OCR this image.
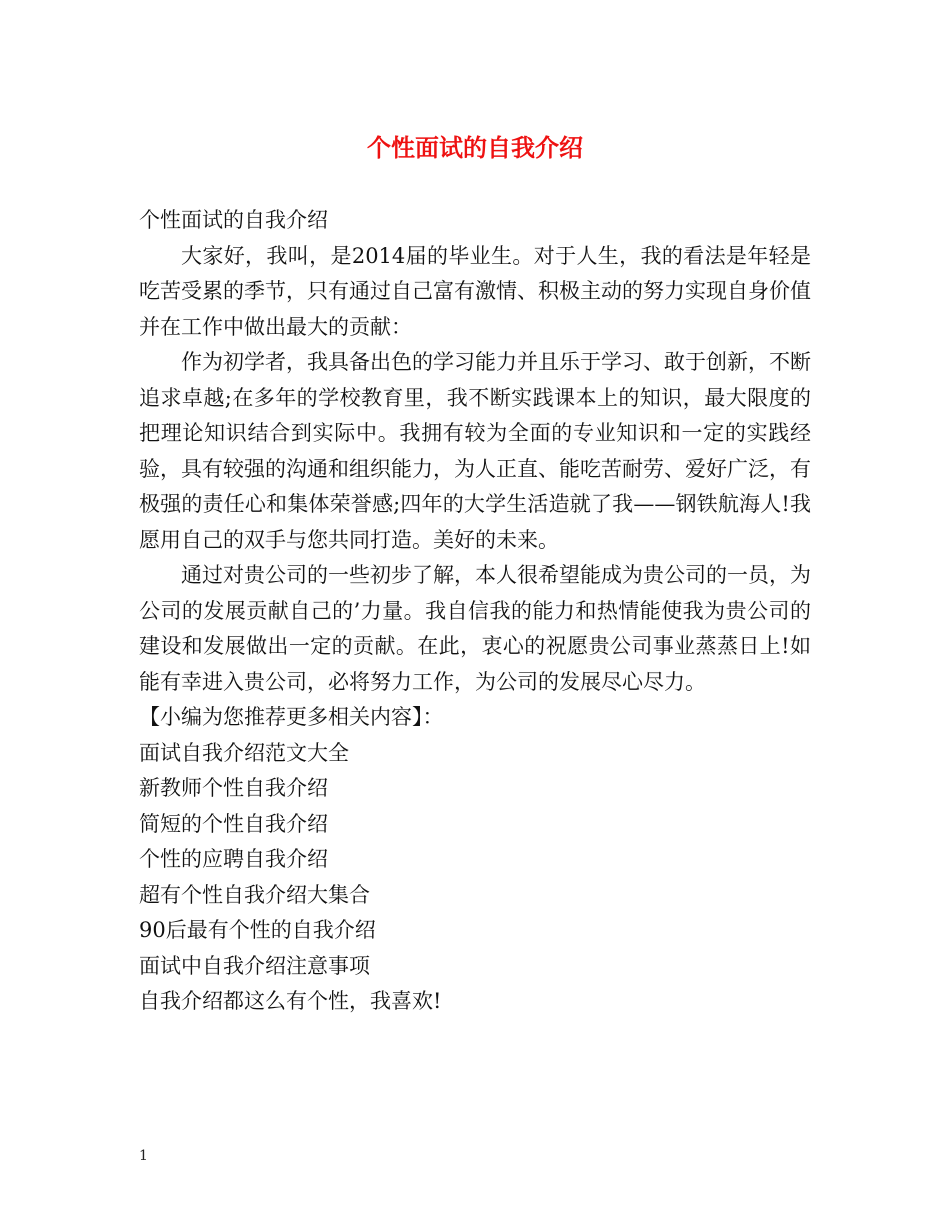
个性面试的自我介绍

个性面试的自我介绍

大家好，我叫，是2014届的毕业生。对于人生，我的看法是年轻是吃苦受累的季节，只有通过自己富有激情、积极主动的努力实现自身价值并在工作中做出最大的贡献：

作为初学者，我具备出色的学习能力并且乐于学习、敢于创新，不断追求卓越;在多年的学校教育里，我不断实践课本上的知识，最大限度的把理论知识结合到实际中。我拥有较为全面的专业知识和一定的实践经验，具有较强的沟通和组织能力，为人正直、能吃苦耐劳、爱好广泛，有极强的责任心和集体荣誉感;四年的大学生活造就了我——钢铁航海人!我愿用自己的双手与您共同打造。美好的未来。

通过对贵公司的一些初步了解，本人很希望能成为贵公司的一员，为公司的发展贡献自己的’力量。我自信我的能力和热情能使我为贵公司的建设和发展做出一定的贡献。在此，衷心的祝愿贵公司事业蒸蒸日上!如能有幸进入贵公司，必将努力工作，为公司的发展尽心尽力。

【小编为您推荐更多相关内容】：

面试自我介绍范文大全
新教师个性自我介绍
简短的个性自我介绍
个性的应聘自我介绍
超有个性自我介绍大集合
90后最有个性的自我介绍
面试中自我介绍注意事项
自我介绍都这么有个性，我喜欢!
1
